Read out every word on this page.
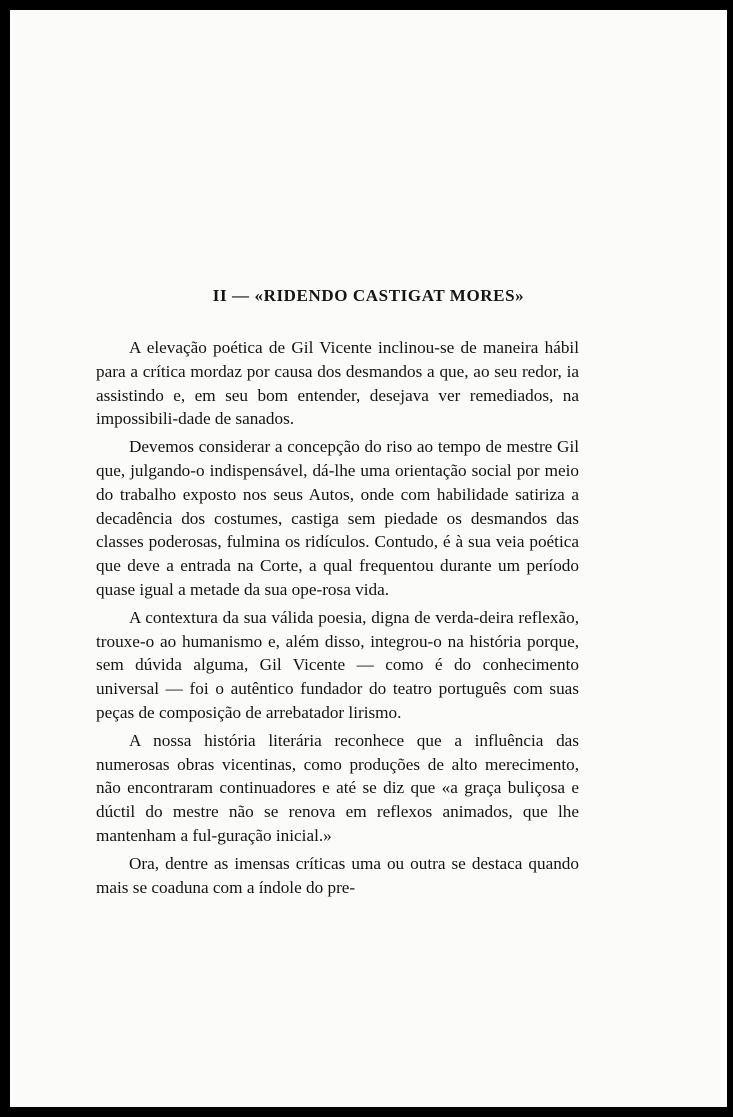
II — «RIDENDO CASTIGAT MORES»

A elevação poética de Gil Vicente inclinou-se de maneira hábil para a crítica mordaz por causa dos desmandos a que, ao seu redor, ia assistindo e, em seu bom entender, desejava ver remediados, na impossibili-dade de sanados.

Devemos considerar a concepção do riso ao tempo de mestre Gil que, julgando-o indispensável, dá-lhe uma orientação social por meio do trabalho exposto nos seus Autos, onde com habilidade satiriza a decadência dos costumes, castiga sem piedade os desmandos das classes poderosas, fulmina os ridículos. Contudo, é à sua veia poética que deve a entrada na Corte, a qual frequentou durante um período quase igual a metade da sua ope-rosa vida.

A contextura da sua válida poesia, digna de verda-deira reflexão, trouxe-o ao humanismo e, além disso, integrou-o na história porque, sem dúvida alguma, Gil Vicente — como é do conhecimento universal — foi o autêntico fundador do teatro português com suas peças de composição de arrebatador lirismo.

A nossa história literária reconhece que a influência das numerosas obras vicentinas, como produções de alto merecimento, não encontraram continuadores e até se diz que «a graça buliçosa e dúctil do mestre não se renova em reflexos animados, que lhe mantenham a ful-guração inicial.»

Ora, dentre as imensas críticas uma ou outra se destaca quando mais se coaduna com a índole do pre-
